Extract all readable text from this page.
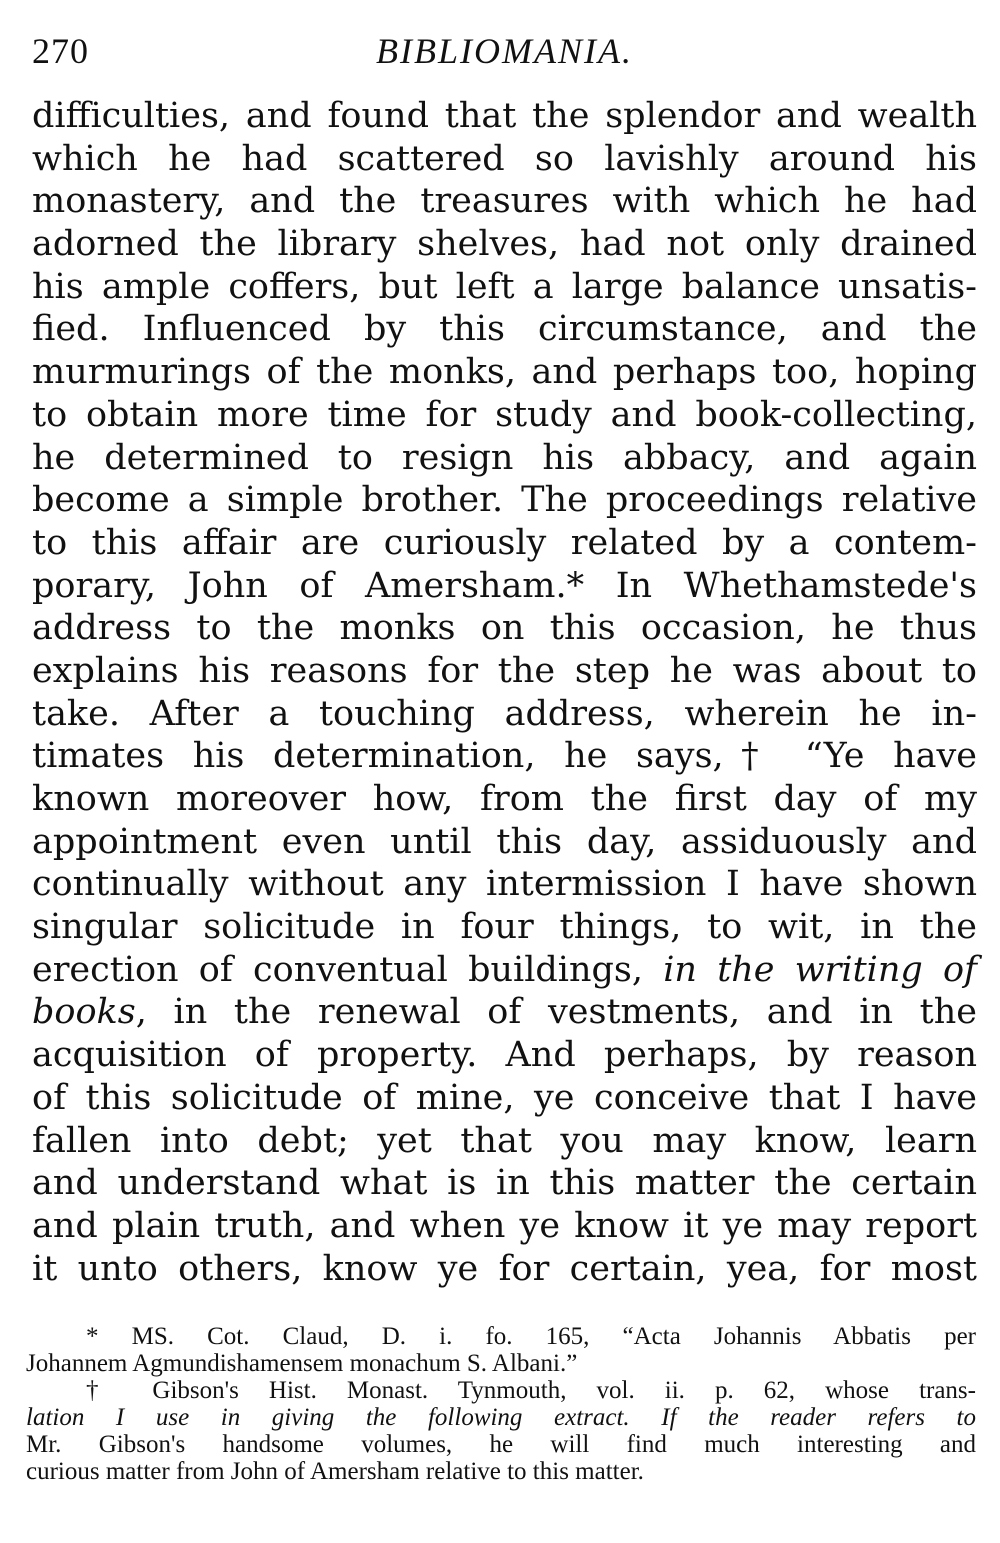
270	BIBLIOMANIA.
difficulties, and found that the splendor and wealth
which he had scattered so lavishly around his
monastery, and the treasures with which he had
adorned the library shelves, had not only drained
his ample coffers, but left a large balance unsatis-
fied. Influenced by this circumstance, and the
murmurings of the monks, and perhaps too, hoping
to obtain more time for study and book-collecting,
he determined to resign his abbacy, and again
become a simple brother. The proceedings relative
to this affair are curiously related by a contem-
porary, John of Amersham.* In Whethamstede's
address to the monks on this occasion, he thus
explains his reasons for the step he was about to
take. After a touching address, wherein he in-
timates his determination, he says,† “Ye have
known moreover how, from the first day of my
appointment even until this day, assiduously and
continually without any intermission I have shown
singular solicitude in four things, to wit, in the
erection of conventual buildings, in the writing of
books, in the renewal of vestments, and in the
acquisition of property. And perhaps, by reason
of this solicitude of mine, ye conceive that I have
fallen into debt; yet that you may know, learn
and understand what is in this matter the certain
and plain truth, and when ye know it ye may report
it unto others, know ye for certain, yea, for most
* MS. Cot. Claud, D. i. fo. 165, “Acta Johannis Abbatis per
Johannem Agmundishamensem monachum S. Albani.”
† Gibson's Hist. Monast. Tynmouth, vol. ii. p. 62, whose trans-
lation I use in giving the following extract. If the reader refers to
Mr. Gibson's handsome volumes, he will find much interesting and
curious matter from John of Amersham relative to this matter.
